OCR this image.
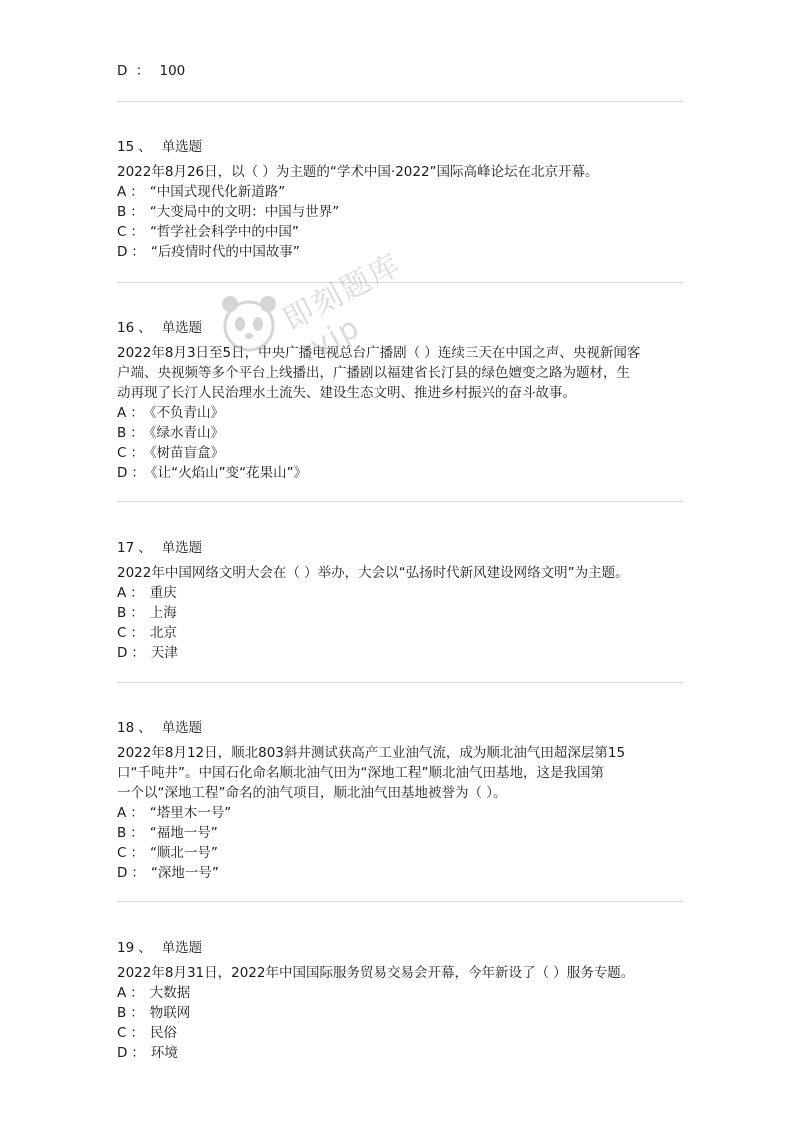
D ： 100
15 、 单选题
2022年8月26日，以（ ）为主题的“学术中国·2022”国际高峰论坛在北京开幕。
A ： “中国式现代化新道路”
B ： “大变局中的文明：中国与世界”
C ： “哲学社会科学中的中国”
D ： “后疫情时代的中国故事”
16 、 单选题
2022年8月3日至5日，中央广播电视总台广播剧（ ）连续三天在中国之声、央视新闻客
户端、央视频等多个平台上线播出，广播剧以福建省长汀县的绿色嬗变之路为题材，生
动再现了长汀人民治理水土流失、建设生态文明、推进乡村振兴的奋斗故事。
A ： 《不负青山》
B ： 《绿水青山》
C ： 《树苗盲盒》
D ： 《让“火焰山”变“花果山”》
17 、 单选题
2022年中国网络文明大会在（ ）举办，大会以“弘扬时代新风建设网络文明”为主题。
A ： 重庆
B ： 上海
C ： 北京
D ： 天津
18 、 单选题
2022年8月12日，顺北803斜井测试获高产工业油气流，成为顺北油气田超深层第15
口“千吨井”。中国石化命名顺北油气田为“深地工程”顺北油气田基地，这是我国第
一个以“深地工程”命名的油气项目，顺北油气田基地被誉为（ ）。
A ： “塔里木一号”
B ： “福地一号”
C ： “顺北一号”
D ： “深地一号”
19 、 单选题
2022年8月31日，2022年中国国际服务贸易交易会开幕，今年新设了（ ）服务专题。
A ： 大数据
B ： 物联网
C ： 民俗
D ： 环境
即刻题库 .vip
